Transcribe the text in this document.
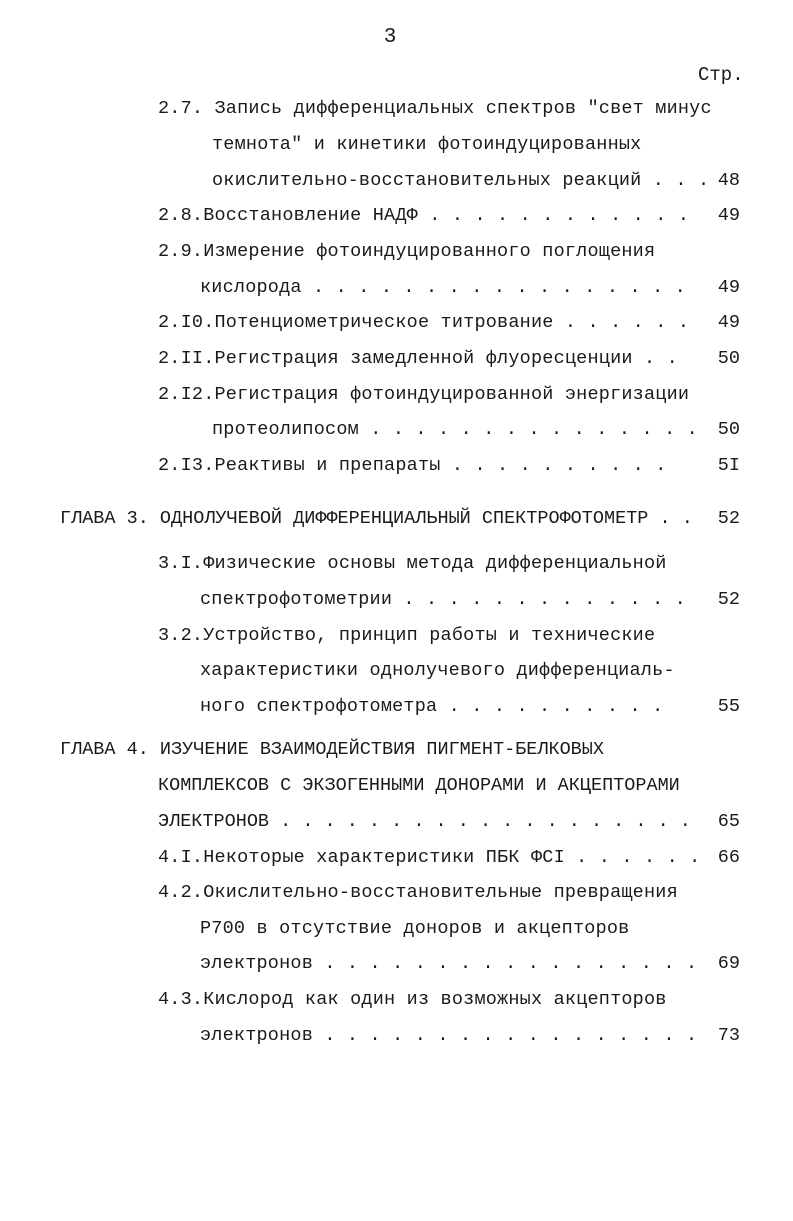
3
Стр.
2.7. Запись дифференциальных спектров "свет минус
темнота" и кинетики фотоиндуцированных
окислительно-восстановительных реакций . . . 48
2.8.Восстановление НАДФ . . . . . . . . . . . .	49
2.9.Измерение фотоиндуцированного поглощения
кислорода . . . . . . . . . . . . . . . . .	49
2.I0.Потенциометрическое титрование . . . . . .	49
2.II.Регистрация замедленной флуоресценции . .	50
2.I2.Регистрация фотоиндуцированной энергизации
протеолипосом . . . . . . . . . . . . . . .	50
2.I3.Реактивы и препараты . . . . . . . . . .	5I
ГЛАВА 3. ОДНОЛУЧЕВОЙ ДИФФЕРЕНЦИАЛЬНЫЙ СПЕКТРОФОТОМЕТР . .	52
3.I.Физические основы метода дифференциальной
спектрофотометрии . . . . . . . . . . . . .	52
3.2.Устройство, принцип работы и технические
характеристики однолучевого дифференциаль-
ного спектрофотометра . . . . . . . . . .	55
ГЛАВА 4. ИЗУЧЕНИЕ ВЗАИМОДЕЙСТВИЯ ПИГМЕНТ-БЕЛКОВЫХ
КОМПЛЕКСОВ С ЭКЗОГЕННЫМИ ДОНОРАМИ И АКЦЕПТОРАМИ
ЭЛЕКТРОНОВ . . . . . . . . . . . . . . . . . . .	65
4.I.Некоторые характеристики ПБК ФСI . . . . . . 66
4.2.Окислительно-восстановительные превращения
Р700 в отсутствие доноров и акцепторов
электронов . . . . . . . . . . . . . . . . .	69
4.3.Кислород как один из возможных акцепторов
электронов . . . . . . . . . . . . . . . . .	73
